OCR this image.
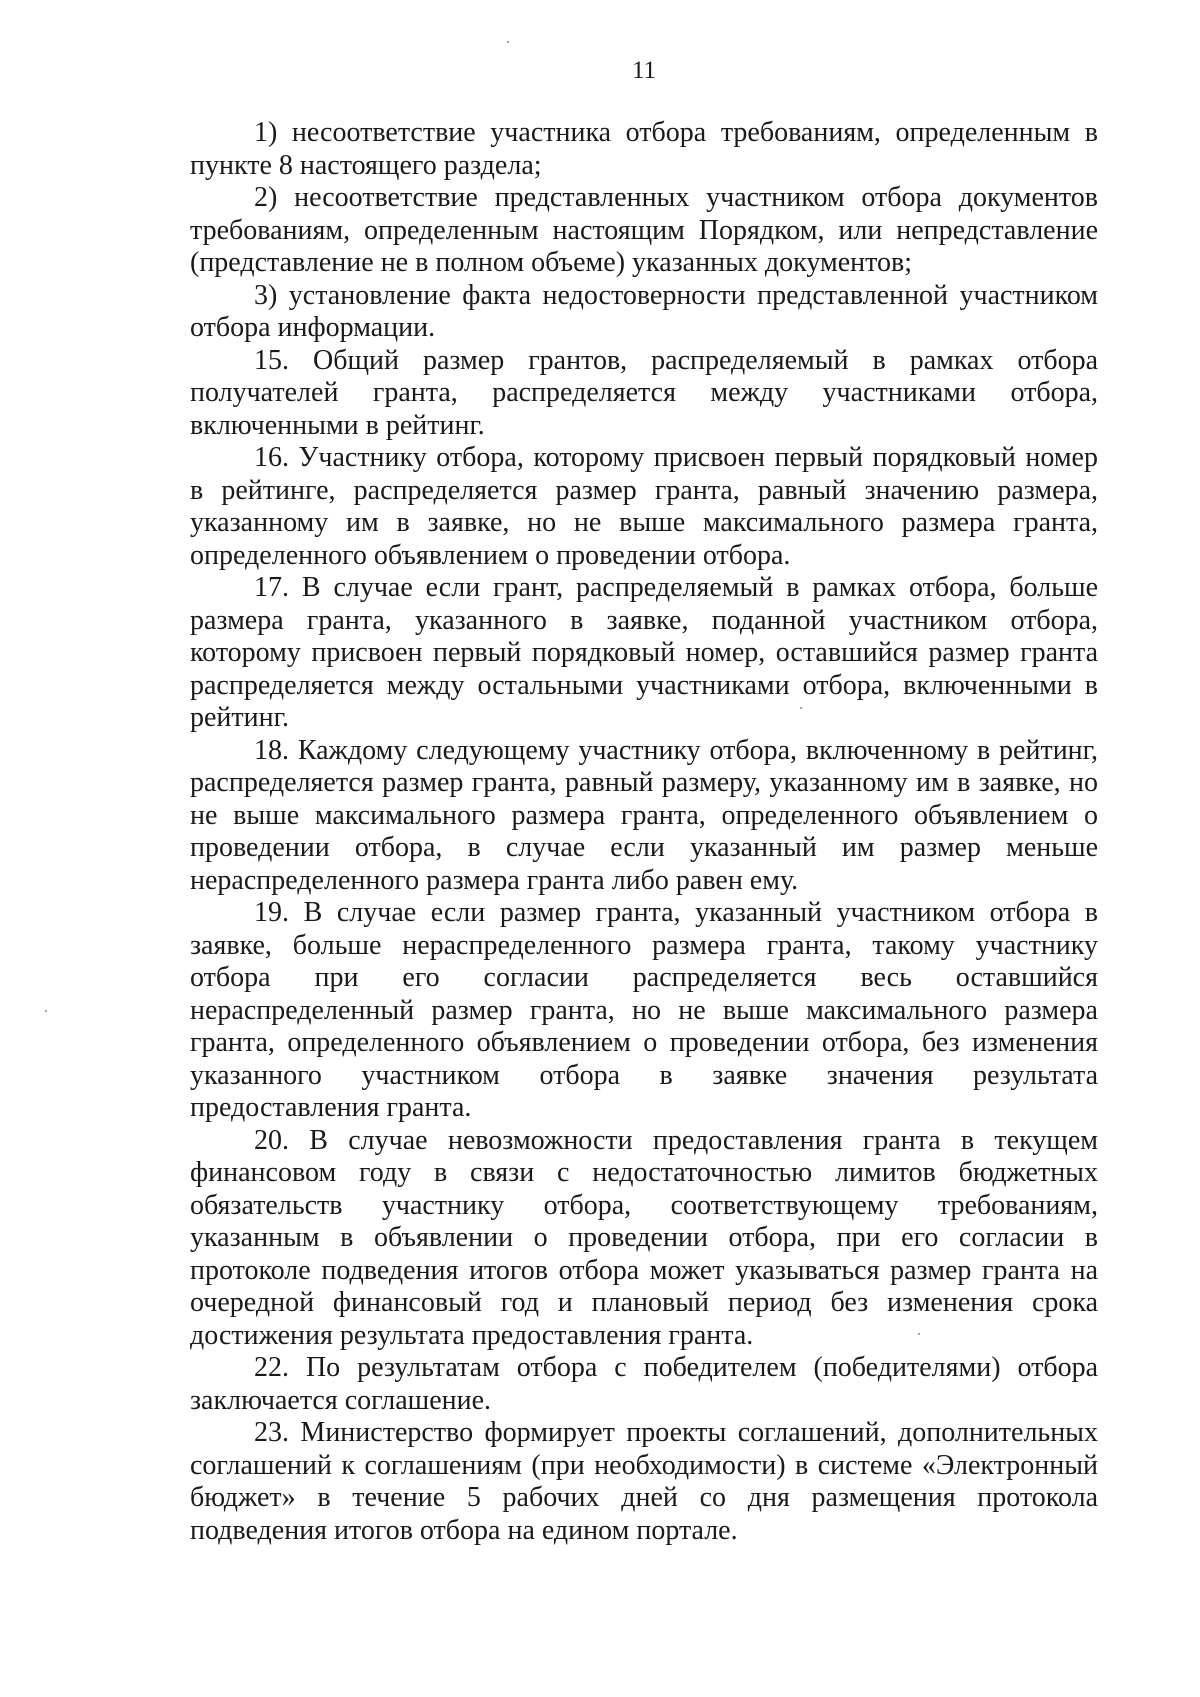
11

1) несоответствие участника отбора требованиям, определенным в пункте 8 настоящего раздела;

2) несоответствие представленных участником отбора документов требованиям, определенным настоящим Порядком, или непредставление (представление не в полном объеме) указанных документов;

3) установление факта недостоверности представленной участником отбора информации.

15. Общий размер грантов, распределяемый в рамках отбора получателей гранта, распределяется между участниками отбора, включенными в рейтинг.

16. Участнику отбора, которому присвоен первый порядковый номер в рейтинге, распределяется размер гранта, равный значению размера, указанному им в заявке, но не выше максимального размера гранта, определенного объявлением о проведении отбора.

17. В случае если грант, распределяемый в рамках отбора, больше размера гранта, указанного в заявке, поданной участником отбора, которому присвоен первый порядковый номер, оставшийся размер гранта распределяется между остальными участниками отбора, включенными в рейтинг.

18. Каждому следующему участнику отбора, включенному в рейтинг, распределяется размер гранта, равный размеру, указанному им в заявке, но не выше максимального размера гранта, определенного объявлением о проведении отбора, в случае если указанный им размер меньше нераспределенного размера гранта либо равен ему.

19. В случае если размер гранта, указанный участником отбора в заявке, больше нераспределенного размера гранта, такому участнику отбора при его согласии распределяется весь оставшийся нераспределенный размер гранта, но не выше максимального размера гранта, определенного объявлением о проведении отбора, без изменения указанного участником отбора в заявке значения результата предоставления гранта.

20. В случае невозможности предоставления гранта в текущем финансовом году в связи с недостаточностью лимитов бюджетных обязательств участнику отбора, соответствующему требованиям, указанным в объявлении о проведении отбора, при его согласии в протоколе подведения итогов отбора может указываться размер гранта на очередной финансовый год и плановый период без изменения срока достижения результата предоставления гранта.

22. По результатам отбора с победителем (победителями) отбора заключается соглашение.

23. Министерство формирует проекты соглашений, дополнительных соглашений к соглашениям (при необходимости) в системе «Электронный бюджет» в течение 5 рабочих дней со дня размещения протокола подведения итогов отбора на едином портале.
